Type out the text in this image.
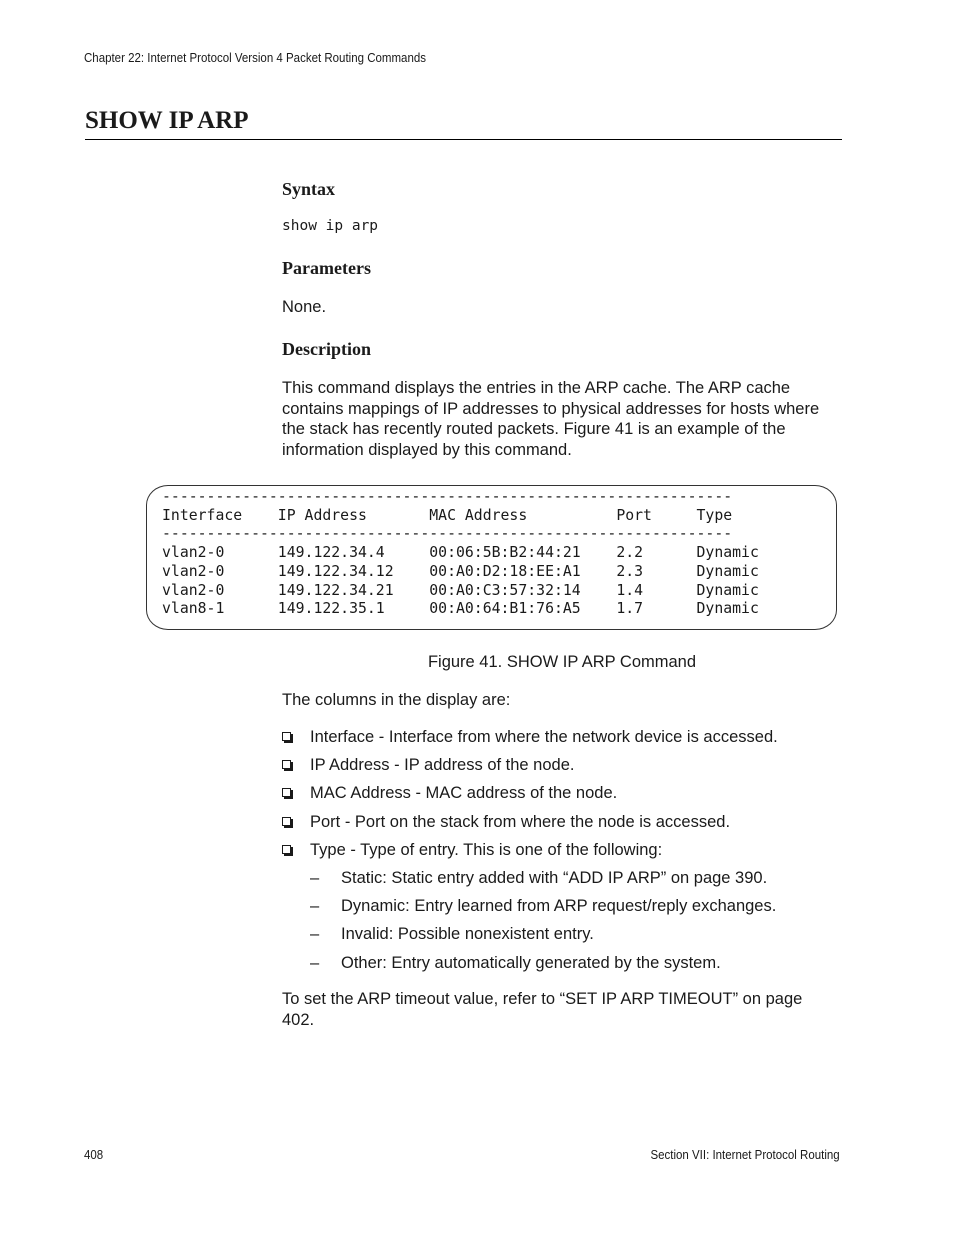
Chapter 22: Internet Protocol Version 4 Packet Routing Commands
SHOW IP ARP
Syntax
show ip arp
Parameters

None.

Description

This command displays the entries in the ARP cache. The ARP cache contains mappings of IP addresses to physical addresses for hosts where the stack has recently routed packets. Figure 41 is an example of the information displayed by this command.

----------------------------------------------------------------
Interface    IP Address       MAC Address          Port     Type
----------------------------------------------------------------
vlan2-0      149.122.34.4     00:06:5B:B2:44:21    2.2      Dynamic
vlan2-0      149.122.34.12    00:A0:D2:18:EE:A1    2.3      Dynamic
vlan2-0      149.122.34.21    00:A0:C3:57:32:14    1.4      Dynamic
vlan8-1      149.122.35.1     00:A0:64:B1:76:A5    1.7      Dynamic
Figure 41. SHOW IP ARP Command

The columns in the display are:

Interface - Interface from where the network device is accessed.
IP Address - IP address of the node.
MAC Address - MAC address of the node.
Port - Port on the stack from where the node is accessed.
Type - Type of entry. This is one of the following:
– Static: Static entry added with “ADD IP ARP” on page 390.
– Dynamic: Entry learned from ARP request/reply exchanges.
– Invalid: Possible nonexistent entry.
– Other: Entry automatically generated by the system.

To set the ARP timeout value, refer to “SET IP ARP TIMEOUT” on page 402.

408	Section VII: Internet Protocol Routing
